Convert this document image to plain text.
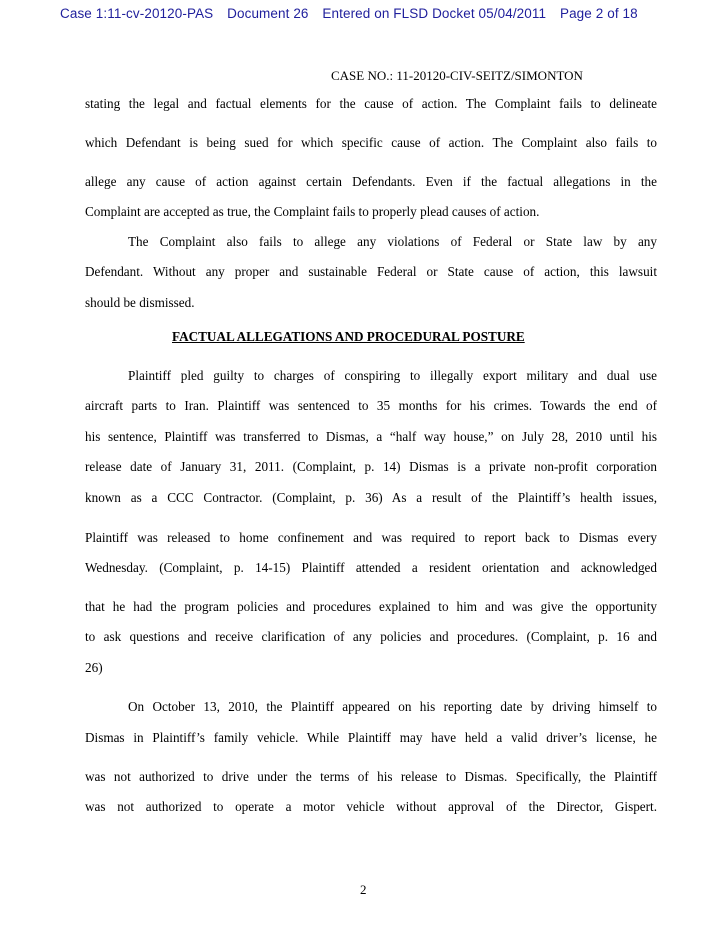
Case 1:11-cv-20120-PAS Document 26 Entered on FLSD Docket 05/04/2011 Page 2 of 18
CASE NO.: 11-20120-CIV-SEITZ/SIMONTON
stating the legal and factual elements for the cause of action. The Complaint fails to delineate
which Defendant is being sued for which specific cause of action. The Complaint also fails to
allege any cause of action against certain Defendants. Even if the factual allegations in the
Complaint are accepted as true, the Complaint fails to properly plead causes of action.
The Complaint also fails to allege any violations of Federal or State law by any
Defendant. Without any proper and sustainable Federal or State cause of action, this lawsuit
should be dismissed.
FACTUAL ALLEGATIONS AND PROCEDURAL POSTURE
Plaintiff pled guilty to charges of conspiring to illegally export military and dual use
aircraft parts to Iran. Plaintiff was sentenced to 35 months for his crimes. Towards the end of
his sentence, Plaintiff was transferred to Dismas, a “half way house,” on July 28, 2010 until his
release date of January 31, 2011. (Complaint, p. 14) Dismas is a private non-profit corporation
known as a CCC Contractor. (Complaint, p. 36) As a result of the Plaintiff’s health issues,
Plaintiff was released to home confinement and was required to report back to Dismas every
Wednesday. (Complaint, p. 14-15) Plaintiff attended a resident orientation and acknowledged
that he had the program policies and procedures explained to him and was give the opportunity
to ask questions and receive clarification of any policies and procedures. (Complaint, p. 16 and
26)
On October 13, 2010, the Plaintiff appeared on his reporting date by driving himself to
Dismas in Plaintiff’s family vehicle. While Plaintiff may have held a valid driver’s license, he
was not authorized to drive under the terms of his release to Dismas. Specifically, the Plaintiff
was not authorized to operate a motor vehicle without approval of the Director, Gispert.
2
